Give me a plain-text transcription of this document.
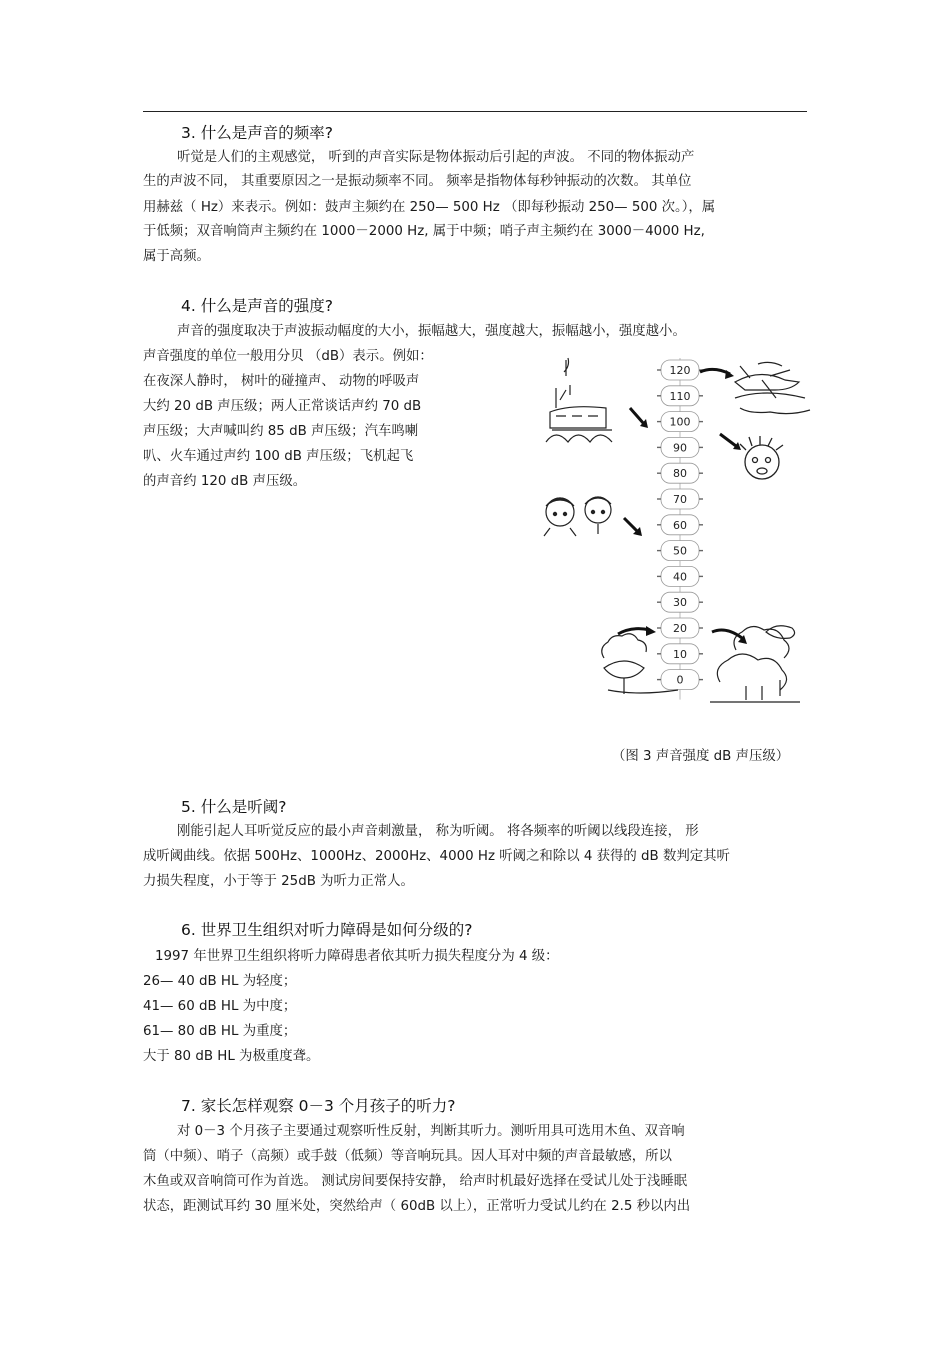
3. 什么是声音的频率?
听觉是人们的主观感觉， 听到的声音实际是物体振动后引起的声波。 不同的物体振动产
生的声波不同， 其重要原因之一是振动频率不同。 频率是指物体每秒钟振动的次数。 其单位
用赫兹（ Hz）来表示。例如：鼓声主频约在 250— 500 Hz （即每秒振动 250— 500 次。），属
于低频；双音响筒声主频约在 1000－2000 Hz, 属于中频；哨子声主频约在 3000－4000 Hz,
属于高频。
4. 什么是声音的强度?
声音的强度取决于声波振动幅度的大小，振幅越大，强度越大，振幅越小，强度越小。
声音强度的单位一般用分贝 （dB）表示。例如：
在夜深人静时， 树叶的碰撞声、 动物的呼吸声
大约 20 dB 声压级；两人正常谈话声约 70 dB
声压级；大声喊叫约 85 dB 声压级；汽车鸣喇
叭、火车通过声约 100 dB 声压级；飞机起飞
的声音约 120 dB 声压级。
120
110
100
90
80
70
60
50
40
30
20
10
0
（图 3 声音强度 dB 声压级）
5. 什么是听阈?
刚能引起人耳听觉反应的最小声音刺激量， 称为听阈。 将各频率的听阈以线段连接， 形
成听阈曲线。依据 500Hz、1000Hz、2000Hz、4000 Hz 听阈之和除以 4 获得的 dB 数判定其听
力损失程度，小于等于 25dB 为听力正常人。
6. 世界卫生组织对听力障碍是如何分级的?
1997 年世界卫生组织将听力障碍患者依其听力损失程度分为 4 级：
26— 40 dB HL 为轻度；
41— 60 dB HL 为中度；
61— 80 dB HL 为重度；
大于 80 dB HL 为极重度聋。
7. 家长怎样观察 0－3 个月孩子的听力?
对 0－3 个月孩子主要通过观察听性反射，判断其听力。测听用具可选用木鱼、双音响
筒（中频）、哨子（高频）或手鼓（低频）等音响玩具。因人耳对中频的声音最敏感，所以
木鱼或双音响筒可作为首选。 测试房间要保持安静， 给声时机最好选择在受试儿处于浅睡眠
状态，距测试耳约 30 厘米处，突然给声（ 60dB 以上），正常听力受试儿约在 2.5 秒以内出
